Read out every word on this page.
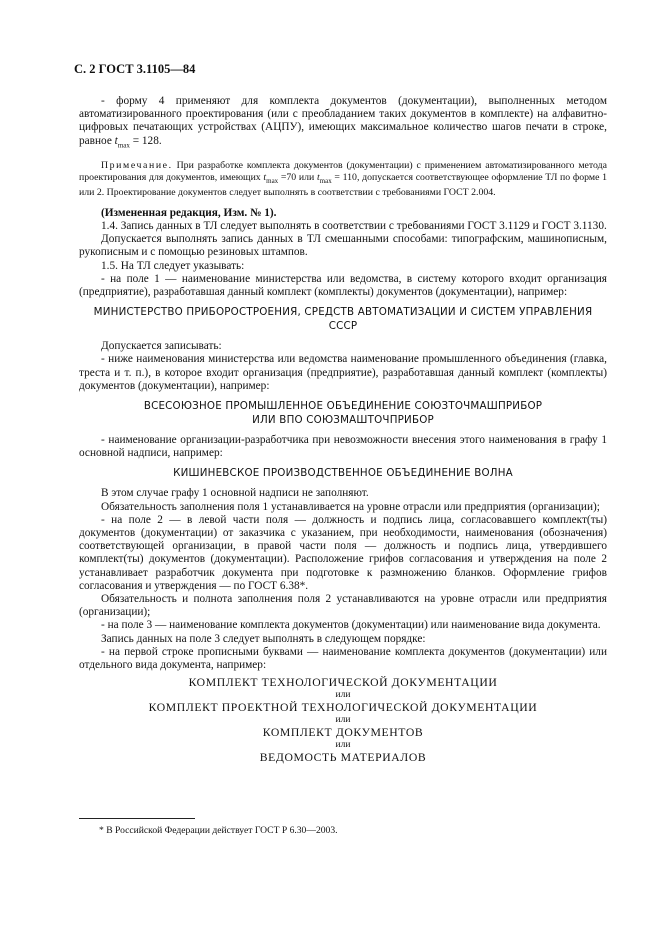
С. 2 ГОСТ 3.1105—84

- форму 4 применяют для комплекта документов (документации), выполненных методом автоматизированного проектирования (или с преобладанием таких документов в комплекте) на алфавитно-цифровых печатающих устройствах (АЦПУ), имеющих максимальное количество шагов печати в строке, равное $t_{max} = 128$.

Примечание. При разработке комплекта документов (документации) с применением автоматизированного метода проектирования для документов, имеющих $t_{max} =70$ или $t_{max} = 110$, допускается соответствующее оформление ТЛ по форме 1 или 2. Проектирование документов следует выполнять в соответствии с требованиями ГОСТ 2.004.

(Измененная редакция, Изм. № 1).

1.4. Запись данных в ТЛ следует выполнять в соответствии с требованиями ГОСТ 3.1129 и ГОСТ 3.1130.

Допускается выполнять запись данных в ТЛ смешанными способами: типографским, машинописным, рукописным и с помощью резиновых штампов.

1.5. На ТЛ следует указывать:

- на поле 1 — наименование министерства или ведомства, в систему которого входит организация (предприятие), разработавшая данный комплект (комплекты) документов (документации), например:

МИНИСТЕРСТВО ПРИБОРОСТРОЕНИЯ, СРЕДСТВ АВТОМАТИЗАЦИИ И СИСТЕМ УПРАВЛЕНИЯ СССР

Допускается записывать:

- ниже наименования министерства или ведомства наименование промышленного объединения (главка, треста и т. п.), в которое входит организация (предприятие), разработавшая данный комплект (комплекты) документов (документации), например:

ВСЕСОЮЗНОЕ ПРОМЫШЛЕННОЕ ОБЪЕДИНЕНИЕ СОЮЗТОЧМАШПРИБОР
ИЛИ ВПО СОЮЗМАШТОЧПРИБОР

- наименование организации-разработчика при невозможности внесения этого наименования в графу 1 основной надписи, например:

КИШИНЕВСКОЕ ПРОИЗВОДСТВЕННОЕ ОБЪЕДИНЕНИЕ ВОЛНА

В этом случае графу 1 основной надписи не заполняют.

Обязательность заполнения поля 1 устанавливается на уровне отрасли или предприятия (организации);

- на поле 2 — в левой части поля — должность и подпись лица, согласовавшего комплект(ты) документов (документации) от заказчика с указанием, при необходимости, наименования (обозначения) соответствующей организации, в правой части поля — должность и подпись лица, утвердившего комплект(ты) документов (документации). Расположение грифов согласования и утверждения на поле 2 устанавливает разработчик документа при подготовке к размножению бланков. Оформление грифов согласования и утверждения — по ГОСТ 6.38*.

Обязательность и полнота заполнения поля 2 устанавливаются на уровне отрасли или предприятия (организации);

- на поле 3 — наименование комплекта документов (документации) или наименование вида документа.

Запись данных на поле 3 следует выполнять в следующем порядке:

- на первой строке прописными буквами — наименование комплекта документов (документации) или отдельного вида документа, например:

КОМПЛЕКТ ТЕХНОЛОГИЧЕСКОЙ ДОКУМЕНТАЦИИ

или

КОМПЛЕКТ ПРОЕКТНОЙ ТЕХНОЛОГИЧЕСКОЙ ДОКУМЕНТАЦИИ

или

КОМПЛЕКТ ДОКУМЕНТОВ

или

ВЕДОМОСТЬ МАТЕРИАЛОВ

* В Российской Федерации действует ГОСТ Р 6.30—2003.
